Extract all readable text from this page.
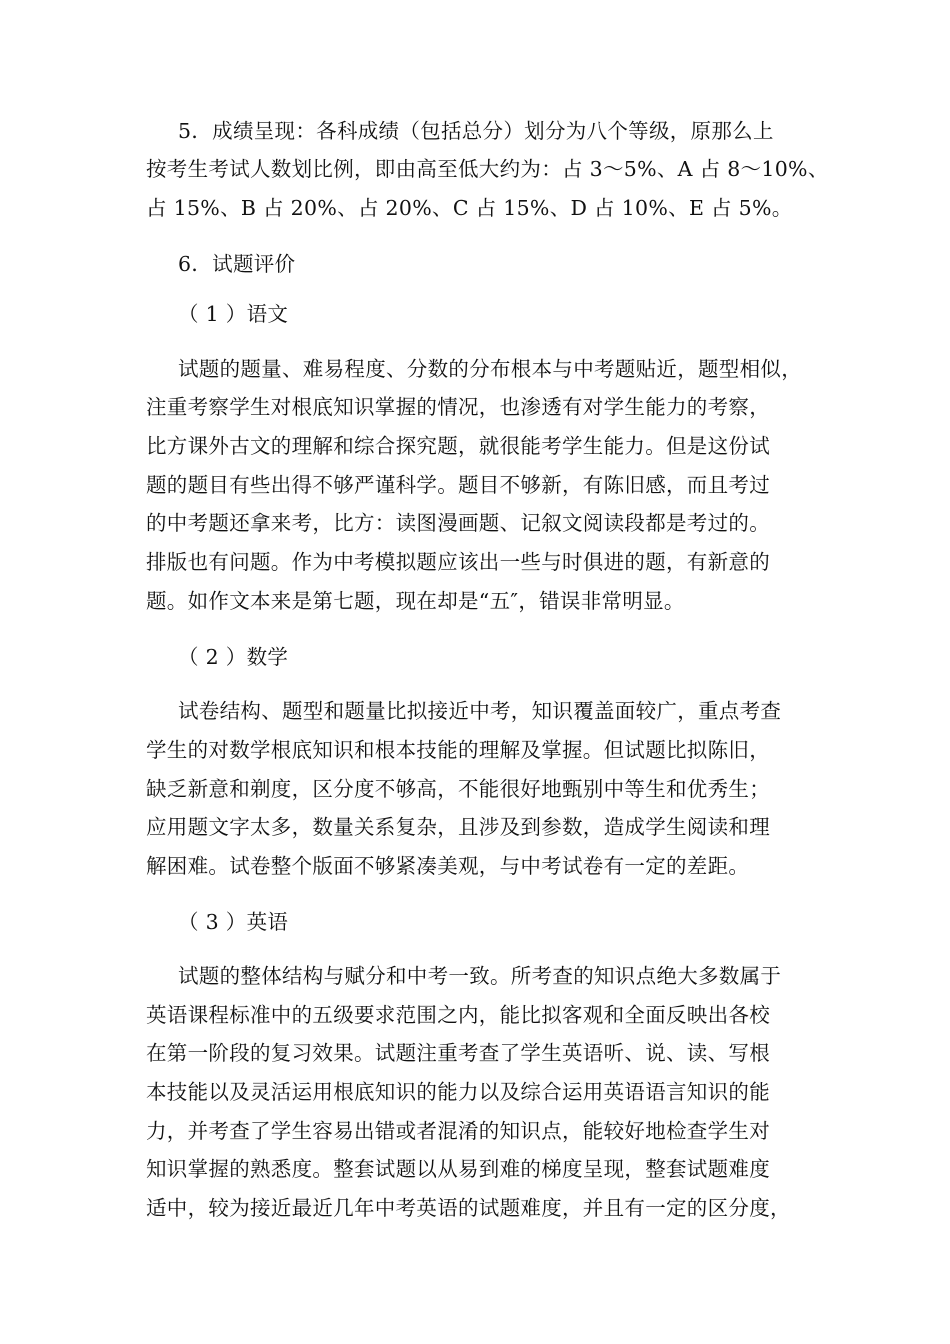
5．成绩呈现：各科成绩（包括总分）划分为八个等级，原那么上
按考生考试人数划比例，即由高至低大约为：占 3～5%、A 占 8～10%、
占 15%、B 占 20%、占 20%、C 占 15%、D 占 10%、E 占 5%。
6．试题评价
（ 1 ）语文
试题的题量、难易程度、分数的分布根本与中考题贴近，题型相似，
注重考察学生对根底知识掌握的情况，也渗透有对学生能力的考察，
比方课外古文的理解和综合探究题，就很能考学生能力。但是这份试
题的题目有些出得不够严谨科学。题目不够新，有陈旧感，而且考过
的中考题还拿来考，比方：读图漫画题、记叙文阅读段都是考过的。
排版也有问题。作为中考模拟题应该出一些与时俱进的题，有新意的
题。如作文本来是第七题，现在却是“五″，错误非常明显。
（ 2 ）数学
试卷结构、题型和题量比拟接近中考，知识覆盖面较广，重点考查
学生的对数学根底知识和根本技能的理解及掌握。但试题比拟陈旧，
缺乏新意和剃度，区分度不够高，不能很好地甄别中等生和优秀生；
应用题文字太多，数量关系复杂，且涉及到参数，造成学生阅读和理
解困难。试卷整个版面不够紧凑美观，与中考试卷有一定的差距。
（ 3 ）英语
试题的整体结构与赋分和中考一致。所考查的知识点绝大多数属于
英语课程标准中的五级要求范围之内，能比拟客观和全面反映出各校
在第一阶段的复习效果。试题注重考查了学生英语听、说、读、写根
本技能以及灵活运用根底知识的能力以及综合运用英语语言知识的能
力，并考查了学生容易出错或者混淆的知识点，能较好地检查学生对
知识掌握的熟悉度。整套试题以从易到难的梯度呈现，整套试题难度
适中，较为接近最近几年中考英语的试题难度，并且有一定的区分度，
